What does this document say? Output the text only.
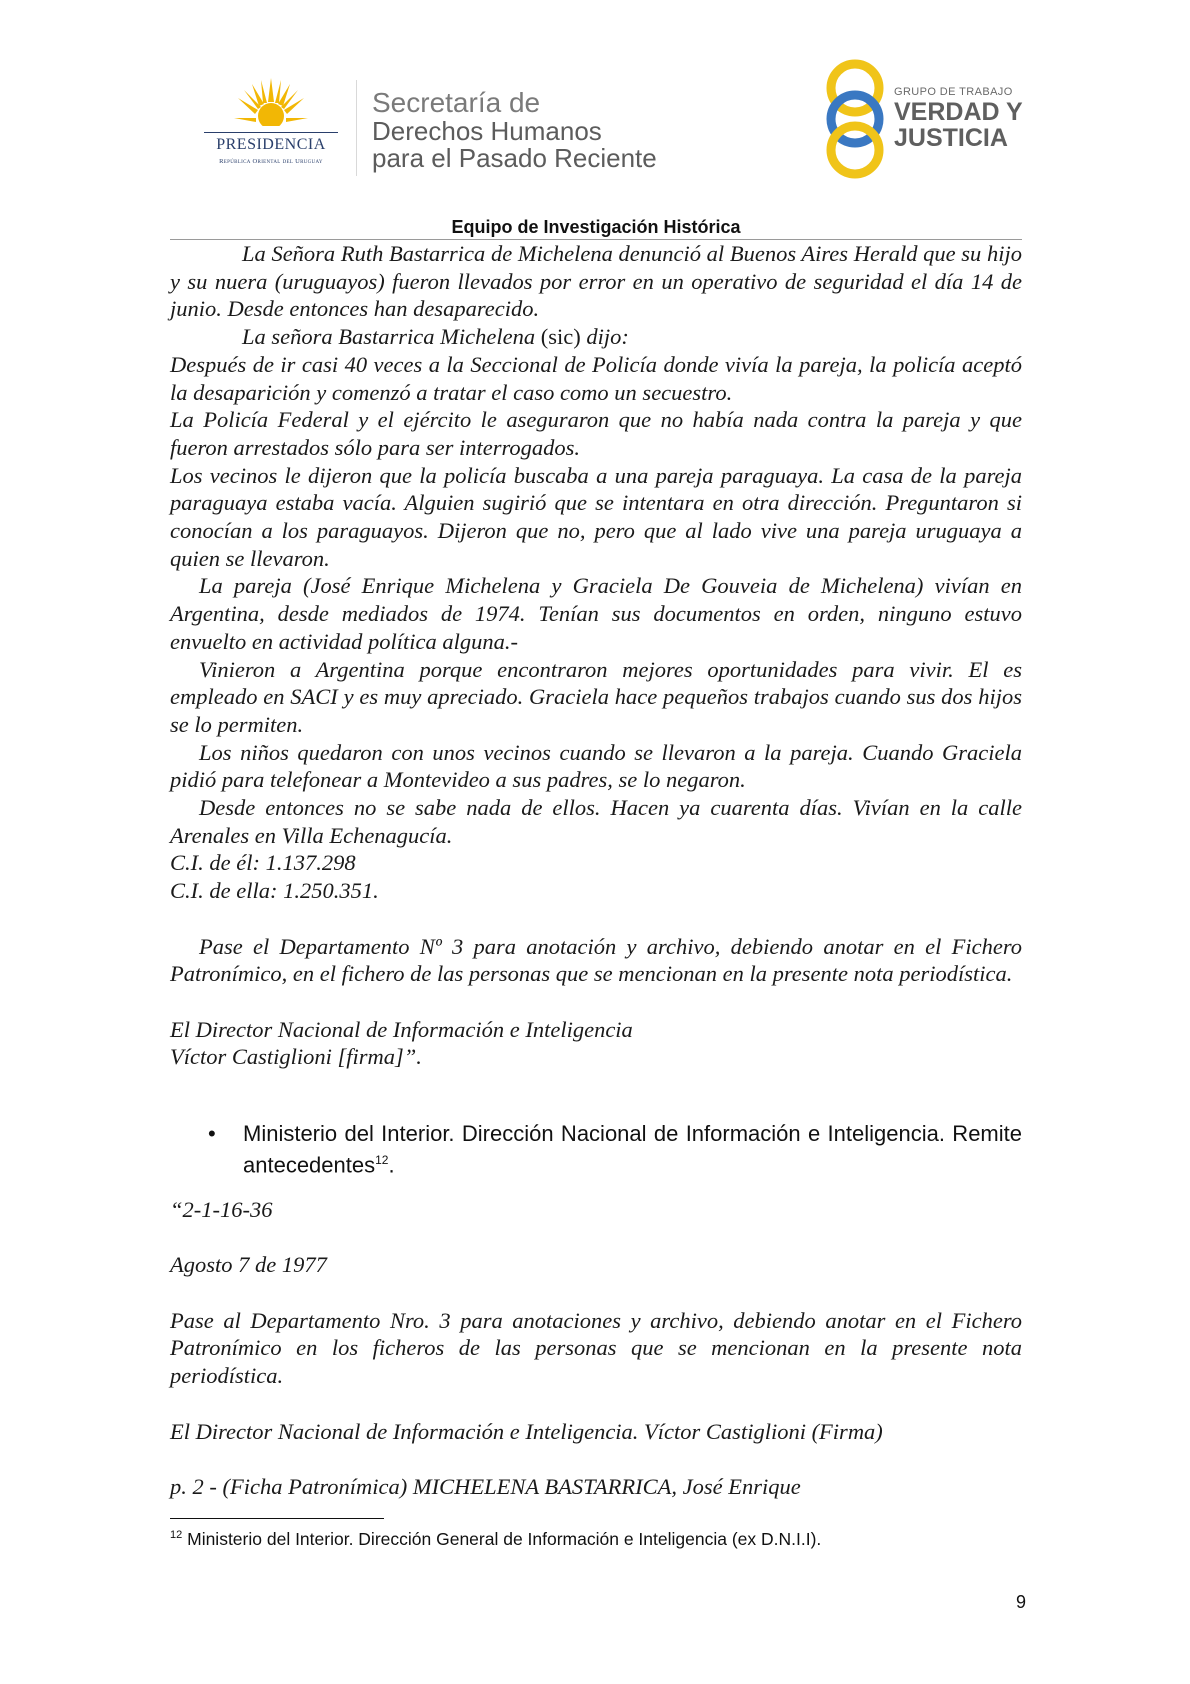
PRESIDENCIA
República Oriental del Uruguay
Secretaría de
Derechos Humanos
para el Pasado Reciente
GRUPO DE TRABAJO
VERDAD Y
JUSTICIA
Equipo de Investigación Histórica

La Señora Ruth Bastarrica de Michelena denunció al Buenos Aires Herald que su hijo y su nuera (uruguayos) fueron llevados por error en un operativo de seguridad el día 14 de junio. Desde entonces han desaparecido.

La señora Bastarrica Michelena (sic) dijo:

Después de ir casi 40 veces a la Seccional de Policía donde vivía la pareja, la policía aceptó la desaparición y comenzó a tratar el caso como un secuestro.

La Policía Federal y el ejército le aseguraron que no había nada contra la pareja y que fueron arrestados sólo para ser interrogados.

Los vecinos le dijeron que la policía buscaba a una pareja paraguaya. La casa de la pareja paraguaya estaba vacía. Alguien sugirió que se intentara en otra dirección. Preguntaron si conocían a los paraguayos. Dijeron que no, pero que al lado vive una pareja uruguaya a quien se llevaron.

La pareja (José Enrique Michelena y Graciela De Gouveia de Michelena) vivían en Argentina, desde mediados de 1974. Tenían sus documentos en orden, ninguno estuvo envuelto en actividad política alguna.-

Vinieron a Argentina porque encontraron mejores oportunidades para vivir. El es empleado en SACI y es muy apreciado. Graciela hace pequeños trabajos cuando sus dos hijos se lo permiten.

Los niños quedaron con unos vecinos cuando se llevaron a la pareja. Cuando Graciela pidió para telefonear a Montevideo a sus padres, se lo negaron.

Desde entonces no se sabe nada de ellos. Hacen ya cuarenta días. Vivían en la calle Arenales en Villa Echenagucía.

C.I. de él: 1.137.298

C.I. de ella: 1.250.351.

Pase el Departamento Nº 3 para anotación y archivo, debiendo anotar en el Fichero Patronímico, en el fichero de las personas que se mencionan en la presente nota periodística.

El Director Nacional de Información e Inteligencia

Víctor Castiglioni [firma]”.

• Ministerio del Interior. Dirección Nacional de Información e Inteligencia. Remite antecedentes$^{12}$.

“2-1-16-36

Agosto 7 de 1977

Pase al Departamento Nro. 3 para anotaciones y archivo, debiendo anotar en el Fichero Patronímico en los ficheros de las personas que se mencionan en la presente nota periodística.

El Director Nacional de Información e Inteligencia. Víctor Castiglioni (Firma)

p. 2 - (Ficha Patronímica) MICHELENA BASTARRICA, José Enrique

$^{12}$ Ministerio del Interior. Dirección General de Información e Inteligencia (ex D.N.I.I).
9
